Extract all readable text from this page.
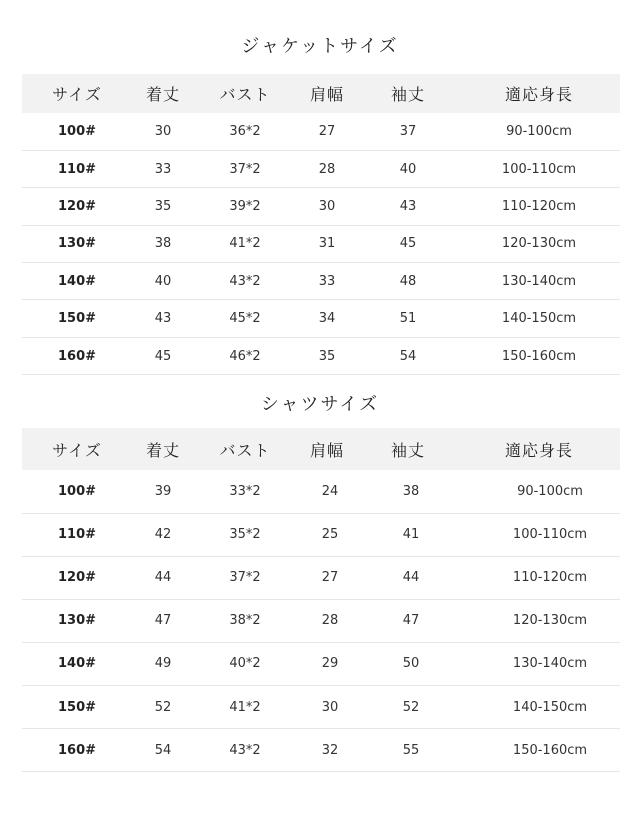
ジャケットサイズ
サイズ	着丈	バスト	肩幅	袖丈	適応身長
100#	30	36*2	27	37	90-100cm
110#	33	37*2	28	40	100-110cm
120#	35	39*2	30	43	110-120cm
130#	38	41*2	31	45	120-130cm
140#	40	43*2	33	48	130-140cm
150#	43	45*2	34	51	140-150cm
160#	45	46*2	35	54	150-160cm
シャツサイズ
サイズ	着丈	バスト	肩幅	袖丈	適応身長
100#	39	33*2	24	38	90-100cm
110#	42	35*2	25	41	100-110cm
120#	44	37*2	27	44	110-120cm
130#	47	38*2	28	47	120-130cm
140#	49	40*2	29	50	130-140cm
150#	52	41*2	30	52	140-150cm
160#	54	43*2	32	55	150-160cm
